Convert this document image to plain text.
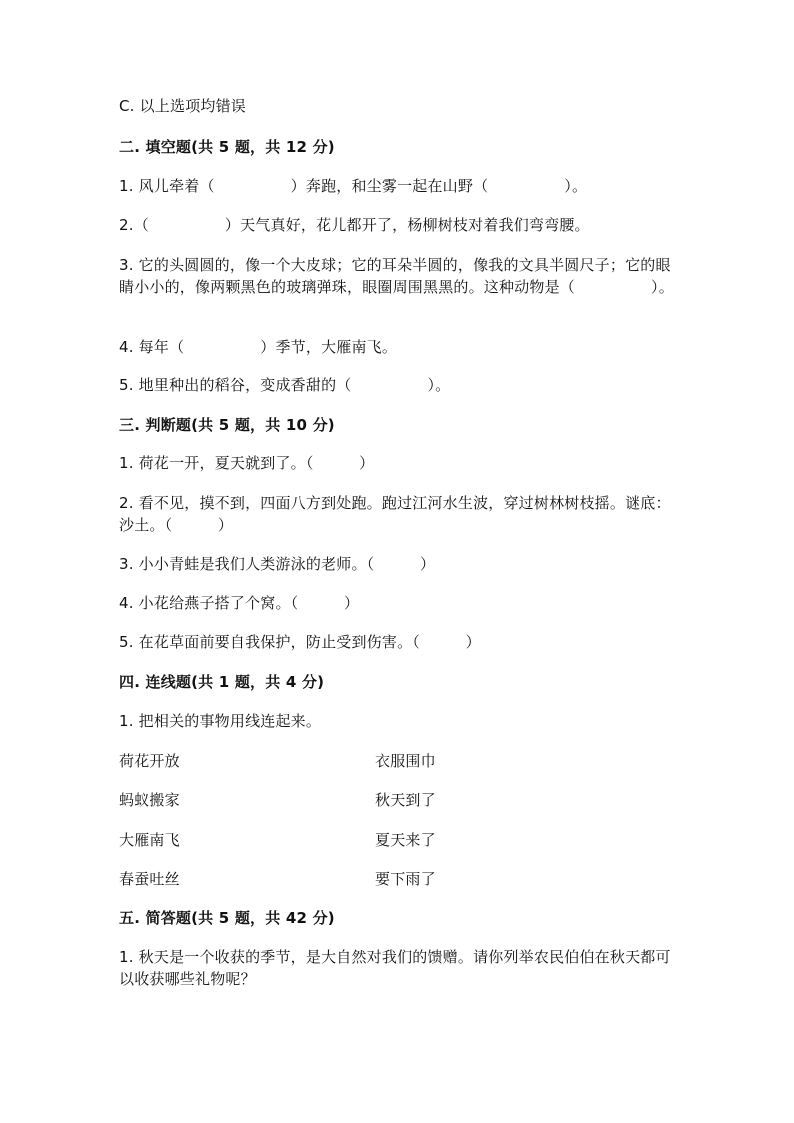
C. 以上选项均错误
二. 填空题(共 5 题，共 12 分)
1. 风儿牵着（　　　　　）奔跑，和尘雾一起在山野（　　　　　）。
2.（　　　　　）天气真好，花儿都开了，杨柳树枝对着我们弯弯腰。
3. 它的头圆圆的，像一个大皮球；它的耳朵半圆的，像我的文具半圆尺子；它的眼睛小小的，像两颗黑色的玻璃弹珠，眼圈周围黑黑的。这种动物是（　　　　　）。
4. 每年（　　　　　）季节，大雁南飞。
5. 地里种出的稻谷，变成香甜的（　　　　　）。
三. 判断题(共 5 题，共 10 分)
1. 荷花一开，夏天就到了。（　　　）
2. 看不见，摸不到，四面八方到处跑。跑过江河水生波，穿过树林树枝摇。谜底：沙土。（　　　）
3. 小小青蛙是我们人类游泳的老师。（　　　）
4. 小花给燕子搭了个窝。（　　　）
5. 在花草面前要自我保护，防止受到伤害。（　　　）
四. 连线题(共 1 题，共 4 分)
1. 把相关的事物用线连起来。
荷花开放	衣服围巾
蚂蚁搬家	秋天到了
大雁南飞	夏天来了
春蚕吐丝	要下雨了
五. 简答题(共 5 题，共 42 分)
1. 秋天是一个收获的季节，是大自然对我们的馈赠。请你列举农民伯伯在秋天都可以收获哪些礼物呢？
